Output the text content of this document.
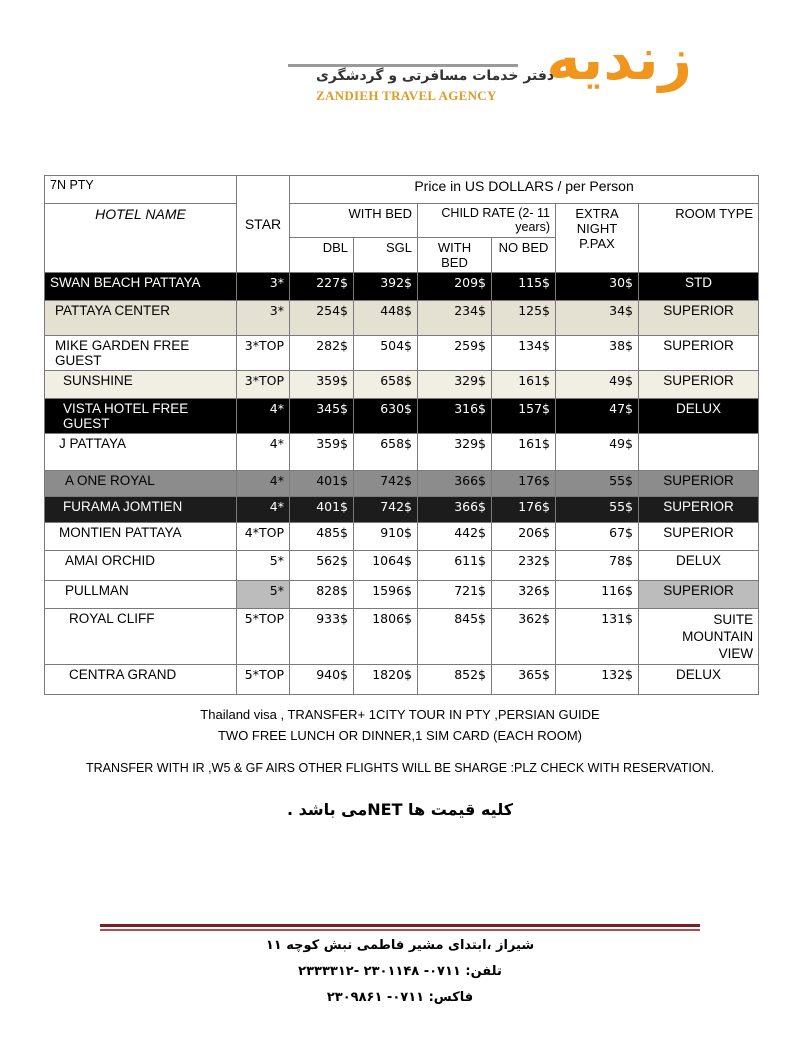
زندیه
دفتر خدمات مسافرتی و گردشگری
ZANDIEH TRAVEL AGENCY
7N PTY	STAR	Price in US DOLLARS / per Person					
HOTEL NAME		WITH BED		CHILD RATE (2- 11 years)		EXTRA NIGHT P.PAX	ROOM TYPE
		DBL	SGL	WITH BED	NO BED		
SWAN BEACH PATTAYA	3*	227$	392$	209$	115$	30$	STD
PATTAYA CENTER	3*	254$	448$	234$	125$	34$	SUPERIOR
MIKE GARDEN FREE GUEST	3*TOP	282$	504$	259$	134$	38$	SUPERIOR
SUNSHINE	3*TOP	359$	658$	329$	161$	49$	SUPERIOR
VISTA HOTEL FREE GUEST	4*	345$	630$	316$	157$	47$	DELUX
J PATTAYA	4*	359$	658$	329$	161$	49$	
A ONE ROYAL	4*	401$	742$	366$	176$	55$	SUPERIOR
FURAMA JOMTIEN	4*	401$	742$	366$	176$	55$	SUPERIOR
MONTIEN PATTAYA	4*TOP	485$	910$	442$	206$	67$	SUPERIOR
AMAI ORCHID	5*	562$	1064$	611$	232$	78$	DELUX
PULLMAN	5*	828$	1596$	721$	326$	116$	SUPERIOR
ROYAL CLIFF	5*TOP	933$	1806$	845$	362$	131$	SUITE MOUNTAIN VIEW
CENTRA GRAND	5*TOP	940$	1820$	852$	365$	132$	DELUX
Thailand visa , TRANSFER+ 1CITY TOUR IN PTY ,PERSIAN GUIDE
TWO FREE LUNCH OR DINNER,1 SIM CARD (EACH ROOM)
TRANSFER WITH IR ,W5 & GF AIRS OTHER FLIGHTS WILL BE SHARGE :PLZ CHECK WITH RESERVATION.
کلیه قیمت ها NETمی باشد .
شیراز ،ابتدای مشیر فاطمی نبش کوچه ۱۱
تلفن: ۰۷۱۱- ۲۳۰۱۱۴۸ -۲۳۳۳۳۱۲
فاکس: ۰۷۱۱- ۲۳۰۹۸۶۱
